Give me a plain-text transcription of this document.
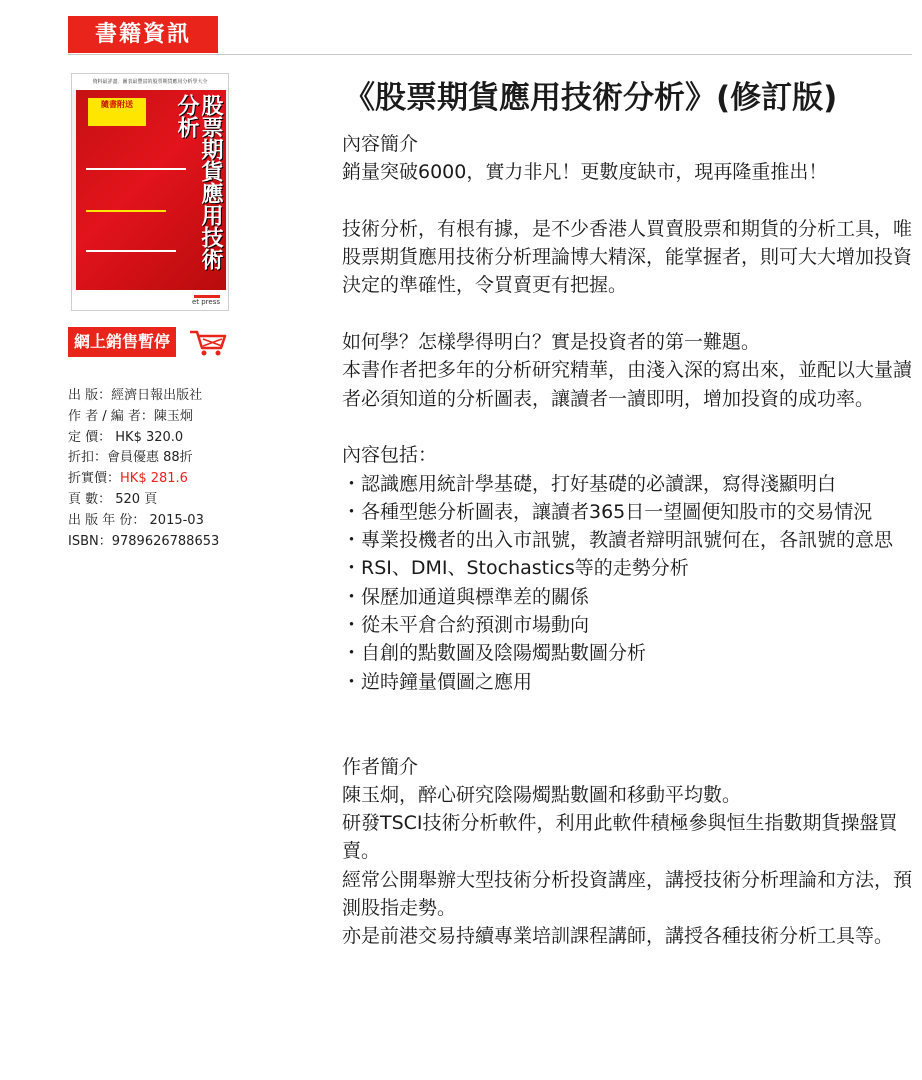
書籍資訊
資料最詳盡．圖表最豐富的股票期貨應用分析學大全
隨書附送	股票期貨應用技術分析
et press
網上銷售暫停
出 版：經濟日報出版社
作 者 / 編 者：陳玉炯
定 價： HK$ 320.0
折扣：會員優惠 88折
折實價：HK$ 281.6
頁 數： 520 頁
出 版 年 份： 2015-03
ISBN：9789626788653
《股票期貨應用技術分析》(修訂版)

內容簡介

銷量突破6000，實力非凡！更數度缺市，現再隆重推出！

技術分析，有根有據，是不少香港人買賣股票和期貨的分析工具，唯股票期貨應用技術分析理論博大精深，能掌握者，則可大大增加投資決定的準確性，令買賣更有把握。

如何學？怎樣學得明白？實是投資者的第一難題。

本書作者把多年的分析研究精華，由淺入深的寫出來，並配以大量讀者必須知道的分析圖表，讓讀者一讀即明，增加投資的成功率。

內容包括：

・認識應用統計學基礎，打好基礎的必讀課，寫得淺顯明白

・各種型態分析圖表，讓讀者365日一望圖便知股市的交易情況

・專業投機者的出入市訊號，教讀者辯明訊號何在，各訊號的意思

・RSI、DMI、Stochastics等的走勢分析

・保歷加通道與標準差的關係

・從未平倉合約預測市場動向

・自創的點數圖及陰陽燭點數圖分析

・逆時鐘量價圖之應用

作者簡介

陳玉炯，醉心研究陰陽燭點數圖和移動平均數。

研發TSCI技術分析軟件，利用此軟件積極參與恒生指數期貨操盤買賣。

經常公開舉辦大型技術分析投資講座，講授技術分析理論和方法，預測股指走勢。

亦是前港交易持續專業培訓課程講師，講授各種技術分析工具等。
